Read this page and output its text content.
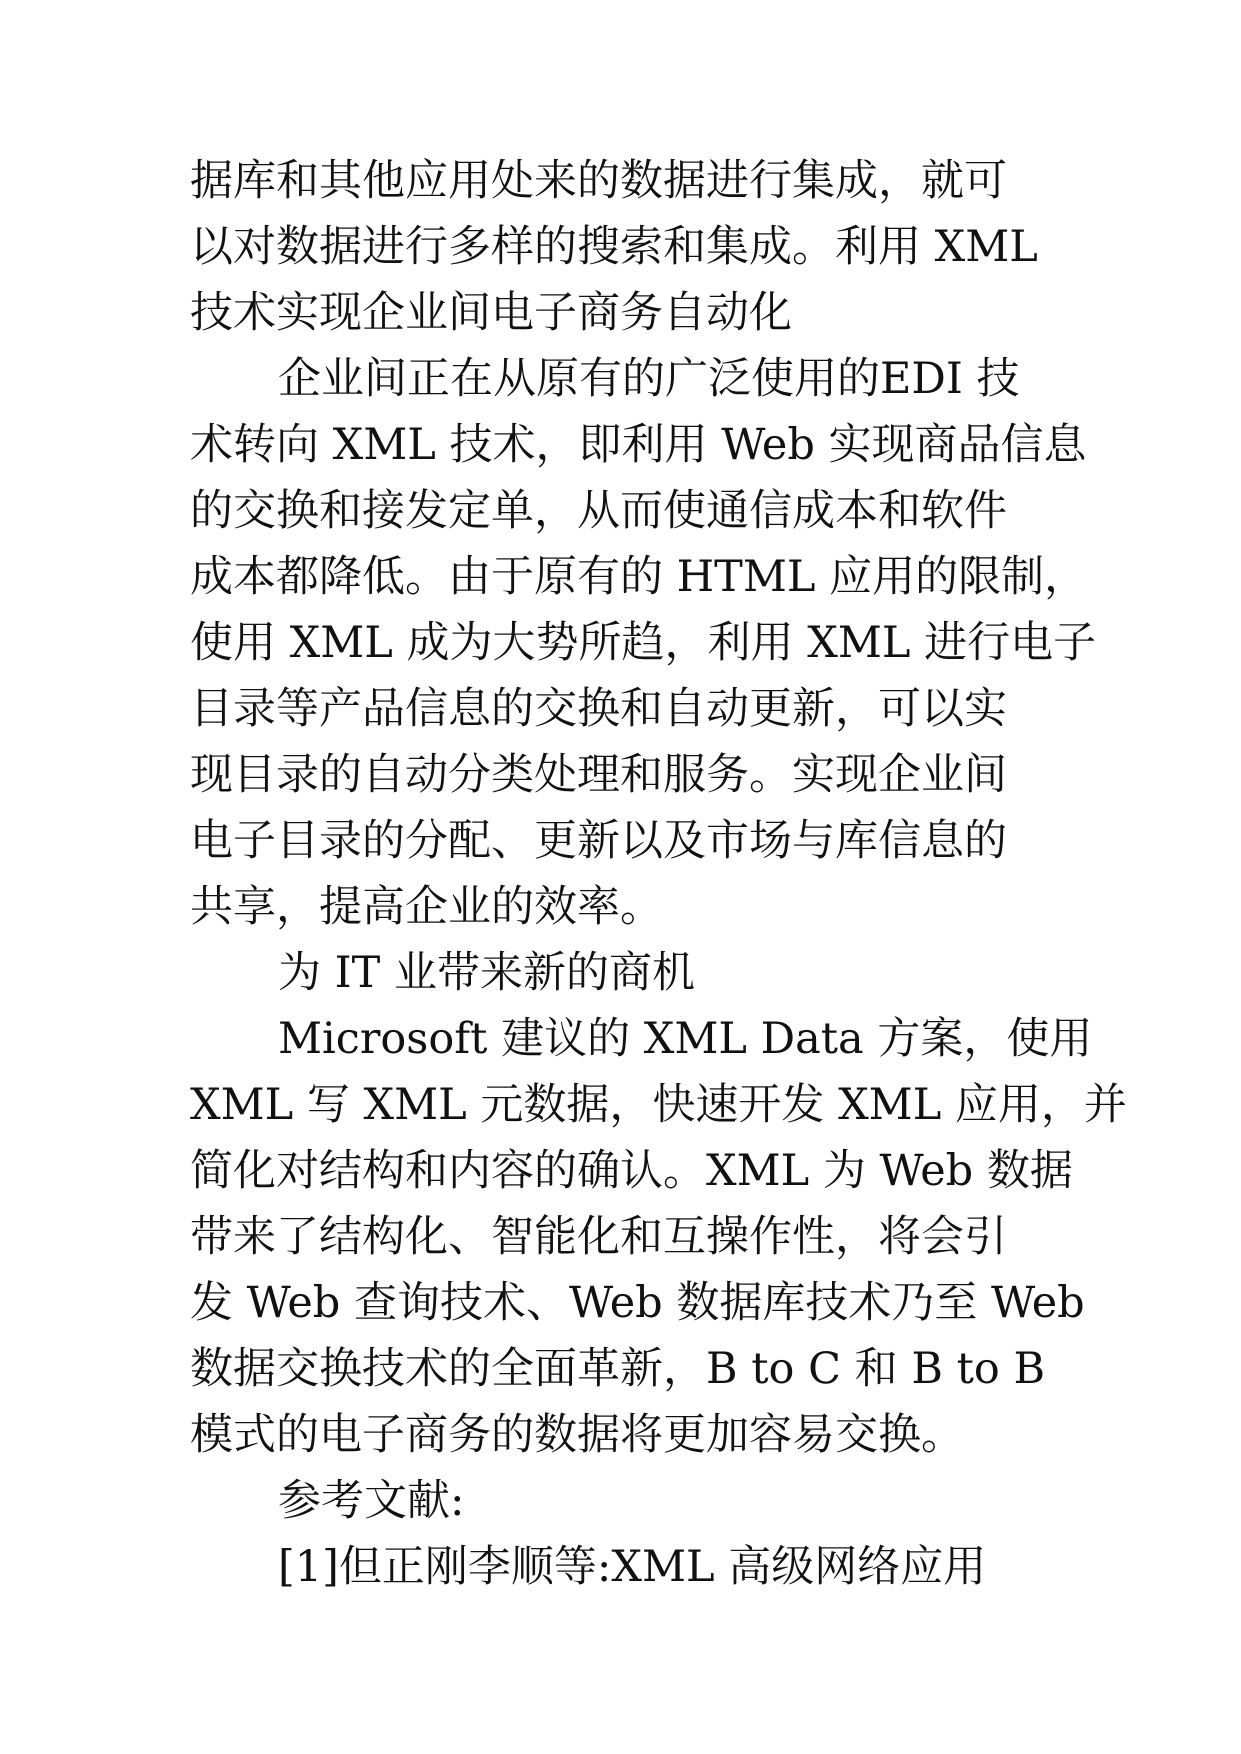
据库和其他应用处来的数据进行集成，就可
以对数据进行多样的搜索和集成。利用 XML
技术实现企业间电子商务自动化
企业间正在从原有的广泛使用的EDI 技
术转向 XML 技术，即利用 Web 实现商品信息
的交换和接发定单，从而使通信成本和软件
成本都降低。由于原有的 HTML 应用的限制，
使用 XML 成为大势所趋，利用 XML 进行电子
目录等产品信息的交换和自动更新，可以实
现目录的自动分类处理和服务。实现企业间
电子目录的分配、更新以及市场与库信息的
共享，提高企业的效率。
为 IT 业带来新的商机
Microsoft 建议的 XML Data 方案，使用
XML 写 XML 元数据，快速开发 XML 应用，并
简化对结构和内容的确认。XML 为 Web 数据
带来了结构化、智能化和互操作性，将会引
发 Web 查询技术、Web 数据库技术乃至 Web
数据交换技术的全面革新，B to C 和 B to B
模式的电子商务的数据将更加容易交换。
参考文献:
[1]但正刚李顺等:XML 高级网络应用
